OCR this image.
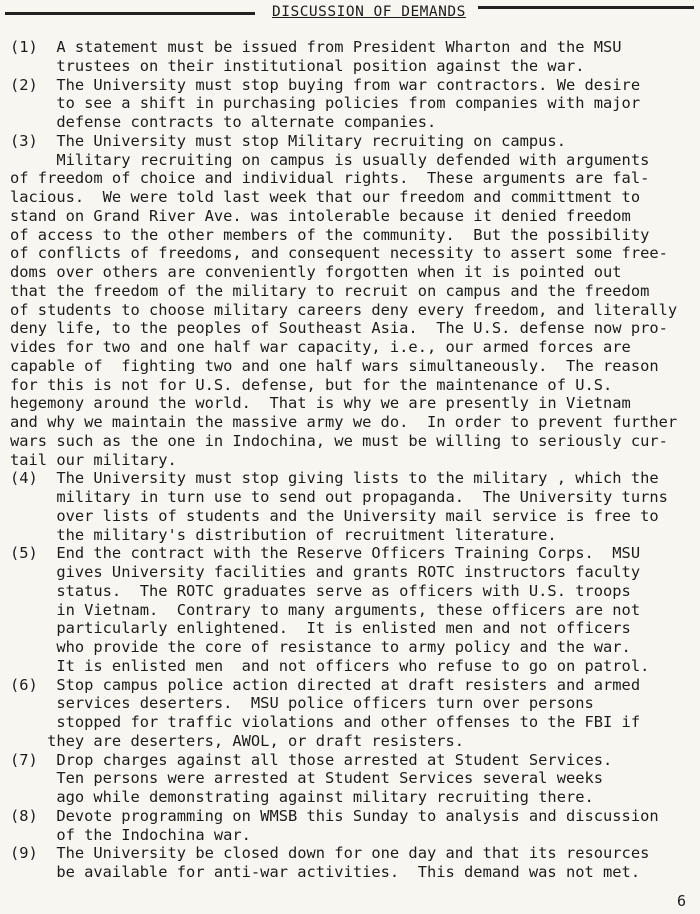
DISCUSSION OF DEMANDS
(1)  A statement must be issued from President Wharton and the MSU
trustees on their institutional position against the war.
(2)  The University must stop buying from war contractors. We desire
to see a shift in purchasing policies from companies with major
defense contracts to alternate companies.
(3)  The University must stop Military recruiting on campus.
Military recruiting on campus is usually defended with arguments
of freedom of choice and individual rights.  These arguments are fal-
lacious.  We were told last week that our freedom and committment to
stand on Grand River Ave. was intolerable because it denied freedom
of access to the other members of the community.  But the possibility
of conflicts of freedoms, and consequent necessity to assert some free-
doms over others are conveniently forgotten when it is pointed out
that the freedom of the military to recruit on campus and the freedom
of students to choose military careers deny every freedom, and literally
deny life, to the peoples of Southeast Asia.  The U.S. defense now pro-
vides for two and one half war capacity, i.e., our armed forces are
capable of  fighting two and one half wars simultaneously.  The reason
for this is not for U.S. defense, but for the maintenance of U.S.
hegemony around the world.  That is why we are presently in Vietnam
and why we maintain the massive army we do.  In order to prevent further
wars such as the one in Indochina, we must be willing to seriously cur-
tail our military.
(4)  The University must stop giving lists to the military , which the
military in turn use to send out propaganda.  The University turns
over lists of students and the University mail service is free to
the military's distribution of recruitment literature.
(5)  End the contract with the Reserve Officers Training Corps.  MSU
gives University facilities and grants ROTC instructors faculty
status.  The ROTC graduates serve as officers with U.S. troops
in Vietnam.  Contrary to many arguments, these officers are not
particularly enlightened.  It is enlisted men and not officers
who provide the core of resistance to army policy and the war.
It is enlisted men  and not officers who refuse to go on patrol.
(6)  Stop campus police action directed at draft resisters and armed
services deserters.  MSU police officers turn over persons
stopped for traffic violations and other offenses to the FBI if
they are deserters, AWOL, or draft resisters.
(7)  Drop charges against all those arrested at Student Services.
Ten persons were arrested at Student Services several weeks
ago while demonstrating against military recruiting there.
(8)  Devote programming on WMSB this Sunday to analysis and discussion
of the Indochina war.
(9)  The University be closed down for one day and that its resources
be available for anti-war activities.  This demand was not met.
6
